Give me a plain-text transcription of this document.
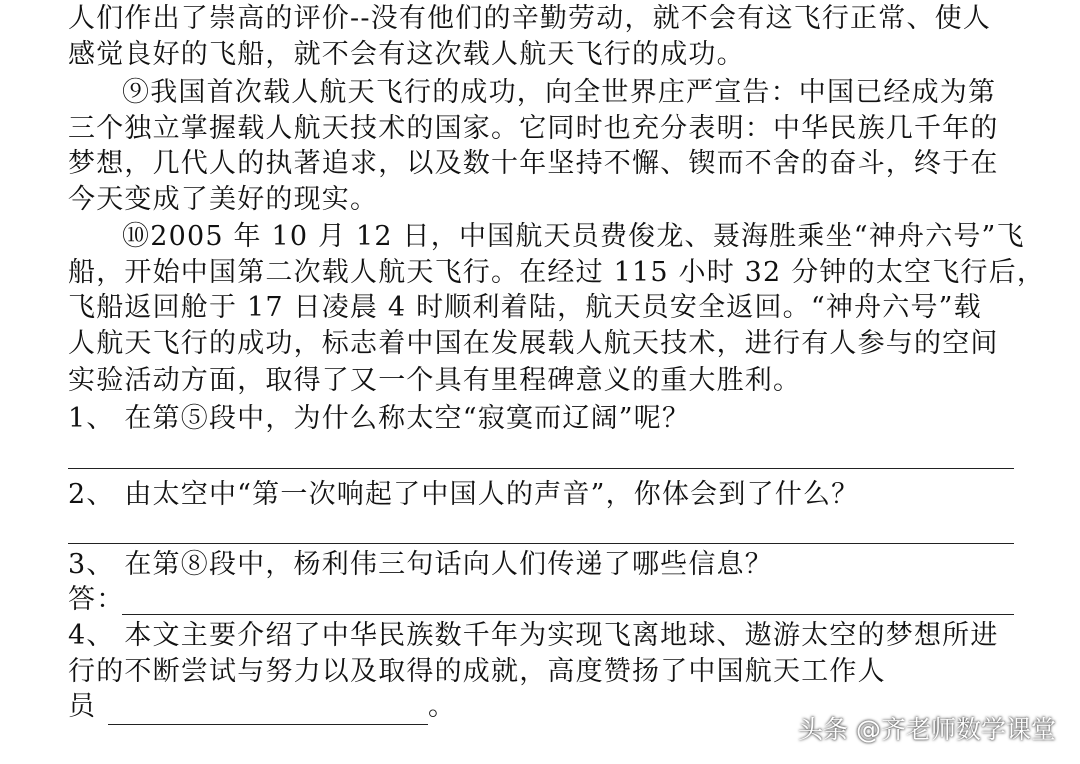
人们作出了崇高的评价--没有他们的辛勤劳动，就不会有这飞行正常、使人
感觉良好的飞船，就不会有这次载人航天飞行的成功。
⑨我国首次载人航天飞行的成功，向全世界庄严宣告：中国已经成为第
三个独立掌握载人航天技术的国家。它同时也充分表明：中华民族几千年的
梦想，几代人的执著追求，以及数十年坚持不懈、锲而不舍的奋斗，终于在
今天变成了美好的现实。
⑩2005 年 10 月 12 日，中国航天员费俊龙、聂海胜乘坐“神舟六号”飞
船，开始中国第二次载人航天飞行。在经过 115 小时 32 分钟的太空飞行后，
飞船返回舱于 17 日凌晨 4 时顺利着陆，航天员安全返回。“神舟六号”载
人航天飞行的成功，标志着中国在发展载人航天技术，进行有人参与的空间
实验活动方面，取得了又一个具有里程碑意义的重大胜利。
1、 在第⑤段中，为什么称太空“寂寞而辽阔”呢？
2、 由太空中“第一次响起了中国人的声音”，你体会到了什么？
3、 在第⑧段中，杨利伟三句话向人们传递了哪些信息？
答：
4、 本文主要介绍了中华民族数千年为实现飞离地球、遨游太空的梦想所进
行的不断尝试与努力以及取得的成就，高度赞扬了中国航天工作人
员	。
头条 @齐老师数学课堂
